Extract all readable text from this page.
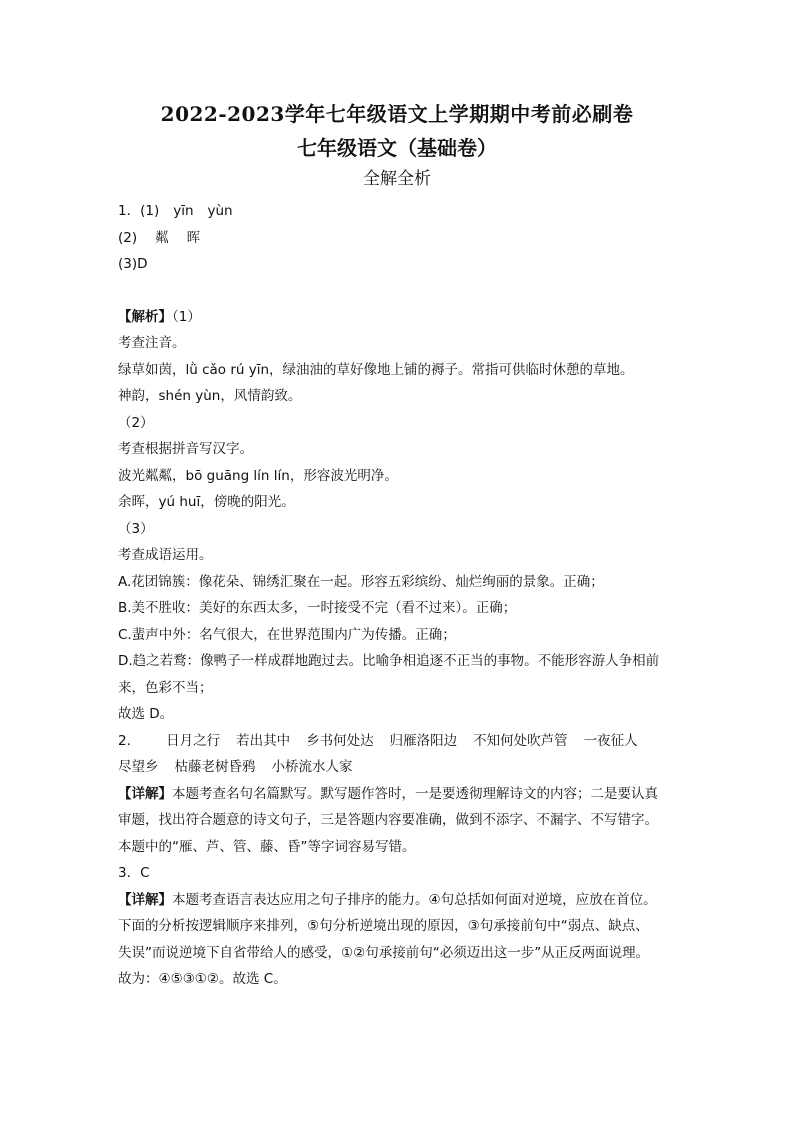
2022-2023学年七年级语文上学期期中考前必刷卷
七年级语文（基础卷）
全解全析
1．(1) yīn yùn
(2) 粼 晖
(3)D
【解析】（1）
考查注音。
绿草如茵，lǜ cǎo rú yīn，绿油油的草好像地上铺的褥子。常指可供临时休憩的草地。
神韵，shén yùn，风情韵致。
（2）
考查根据拼音写汉字。
波光粼粼，bō guāng lín lín，形容波光明净。
余晖，yú huī，傍晚的阳光。
（3）
考查成语运用。
A.花团锦簇：像花朵、锦绣汇聚在一起。形容五彩缤纷、灿烂绚丽的景象。正确；
B.美不胜收：美好的东西太多，一时接受不完（看不过来）。正确；
C.蜚声中外：名气很大，在世界范围内广为传播。正确；
D.趋之若鹜：像鸭子一样成群地跑过去。比喻争相追逐不正当的事物。不能形容游人争相前
来，色彩不当；
故选 D。
2． 日月之行 若出其中 乡书何处达 归雁洛阳边 不知何处吹芦管 一夜征人
尽望乡 枯藤老树昏鸦 小桥流水人家
【详解】本题考查名句名篇默写。默写题作答时，一是要透彻理解诗文的内容；二是要认真
审题，找出符合题意的诗文句子，三是答题内容要准确，做到不添字、不漏字、不写错字。
本题中的“雁、芦、管、藤、昏”等字词容易写错。
3．C
【详解】本题考查语言表达应用之句子排序的能力。④句总括如何面对逆境，应放在首位。
下面的分析按逻辑顺序来排列，⑤句分析逆境出现的原因，③句承接前句中“弱点、缺点、
失误”而说逆境下自省带给人的感受，①②句承接前句“必须迈出这一步”从正反两面说理。
故为：④⑤③①②。故选 C。
